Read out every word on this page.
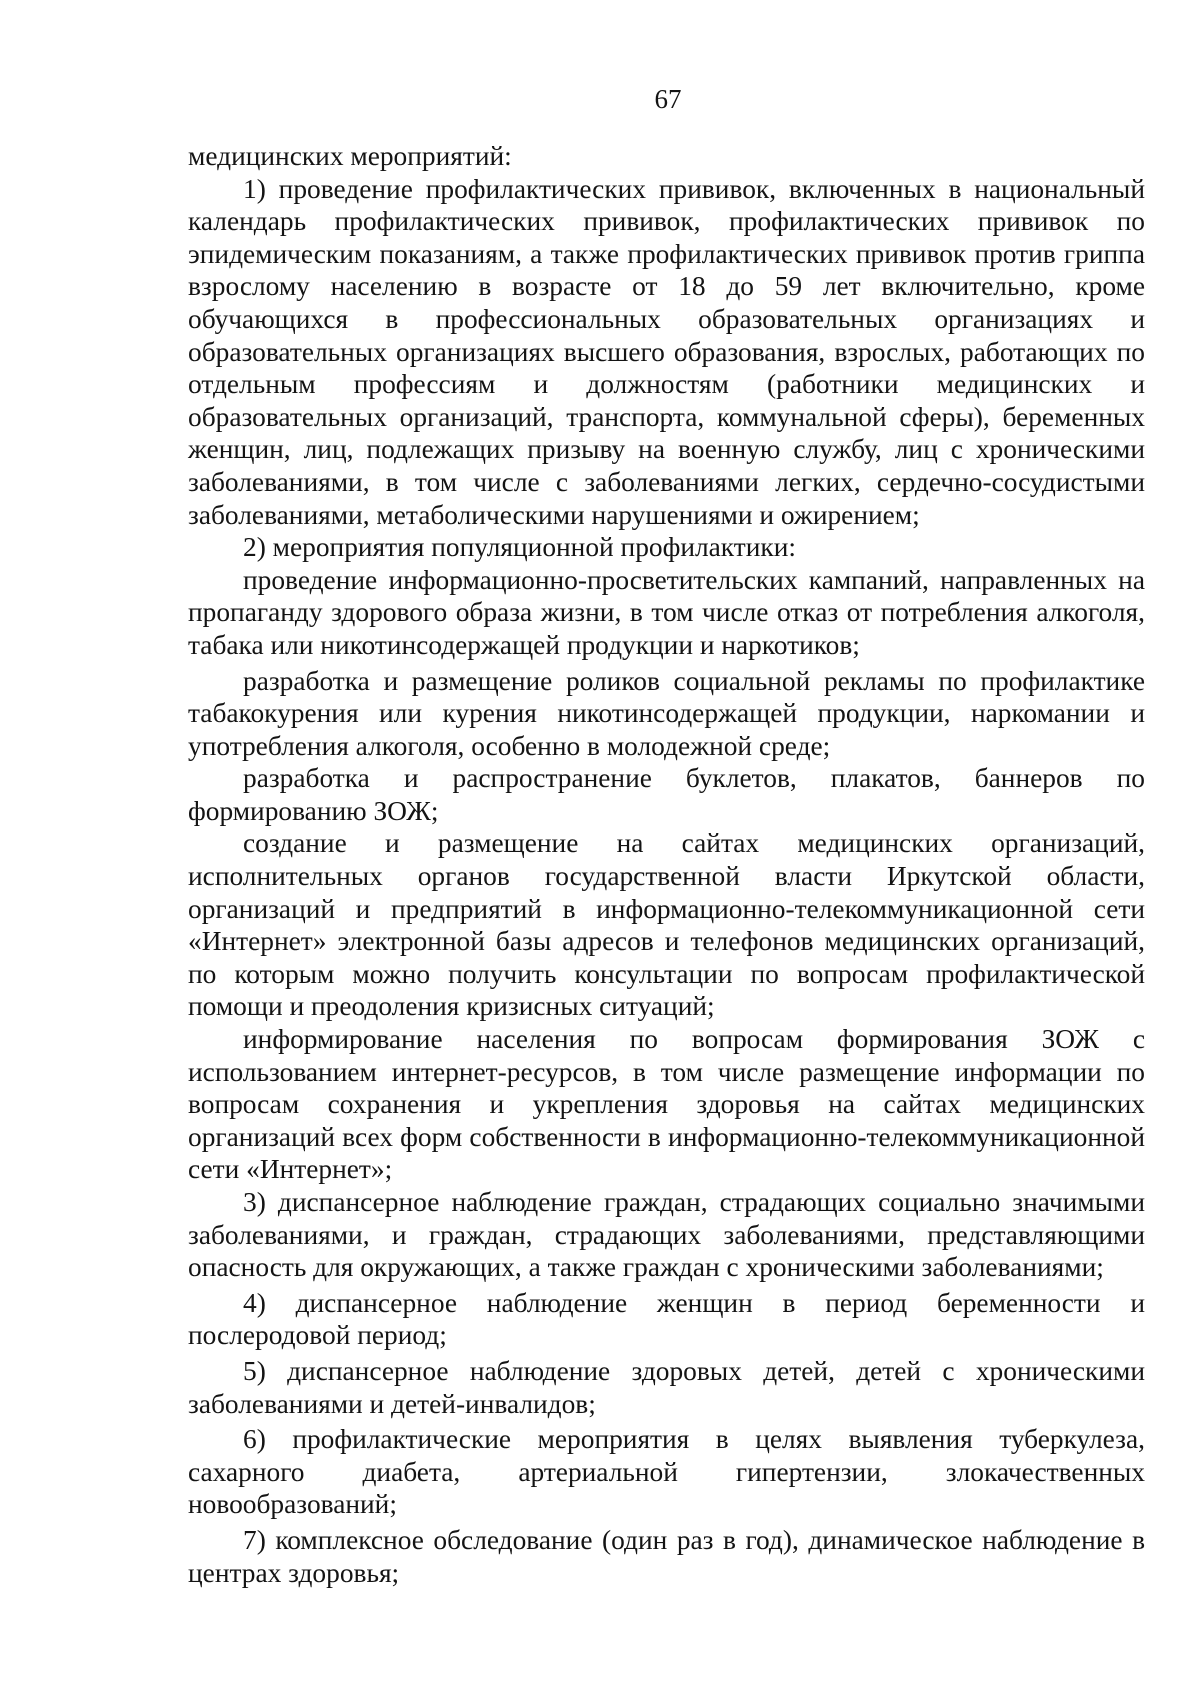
67

медицинских мероприятий:

1) проведение профилактических прививок, включенных в национальный календарь профилактических прививок, профилактических прививок по эпидемическим показаниям, а также профилактических прививок против гриппа взрослому населению в возрасте от 18 до 59 лет включительно, кроме обучающихся в профессиональных образовательных организациях и образовательных организациях высшего образования, взрослых, работающих по отдельным профессиям и должностям (работники медицинских и образовательных организаций, транспорта, коммунальной сферы), беременных женщин, лиц, подлежащих призыву на военную службу, лиц с хроническими заболеваниями, в том числе с заболеваниями легких, сердечно-сосудистыми заболеваниями, метаболическими нарушениями и ожирением;

2) мероприятия популяционной профилактики:

проведение информационно-просветительских кампаний, направленных на пропаганду здорового образа жизни, в том числе отказ от потребления алкоголя, табака или никотинсодержащей продукции и наркотиков;

разработка и размещение роликов социальной рекламы по профилактике табакокурения или курения никотинсодержащей продукции, наркомании и употребления алкоголя, особенно в молодежной среде;

разработка и распространение буклетов, плакатов, баннеров по формированию ЗОЖ;

создание и размещение на сайтах медицинских организаций, исполнительных органов государственной власти Иркутской области, организаций и предприятий в информационно-телекоммуникационной сети «Интернет» электронной базы адресов и телефонов медицинских организаций, по которым можно получить консультации по вопросам профилактической помощи и преодоления кризисных ситуаций;

информирование населения по вопросам формирования ЗОЖ с использованием интернет-ресурсов, в том числе размещение информации по вопросам сохранения и укрепления здоровья на сайтах медицинских организаций всех форм собственности в информационно-телекоммуникационной сети «Интернет»;

3) диспансерное наблюдение граждан, страдающих социально значимыми заболеваниями, и граждан, страдающих заболеваниями, представляющими опасность для окружающих, а также граждан с хроническими заболеваниями;

4) диспансерное наблюдение женщин в период беременности и послеродовой период;

5) диспансерное наблюдение здоровых детей, детей с хроническими заболеваниями и детей-инвалидов;

6) профилактические мероприятия в целях выявления туберкулеза, сахарного диабета, артериальной гипертензии, злокачественных новообразований;

7) комплексное обследование (один раз в год), динамическое наблюдение в центрах здоровья;
